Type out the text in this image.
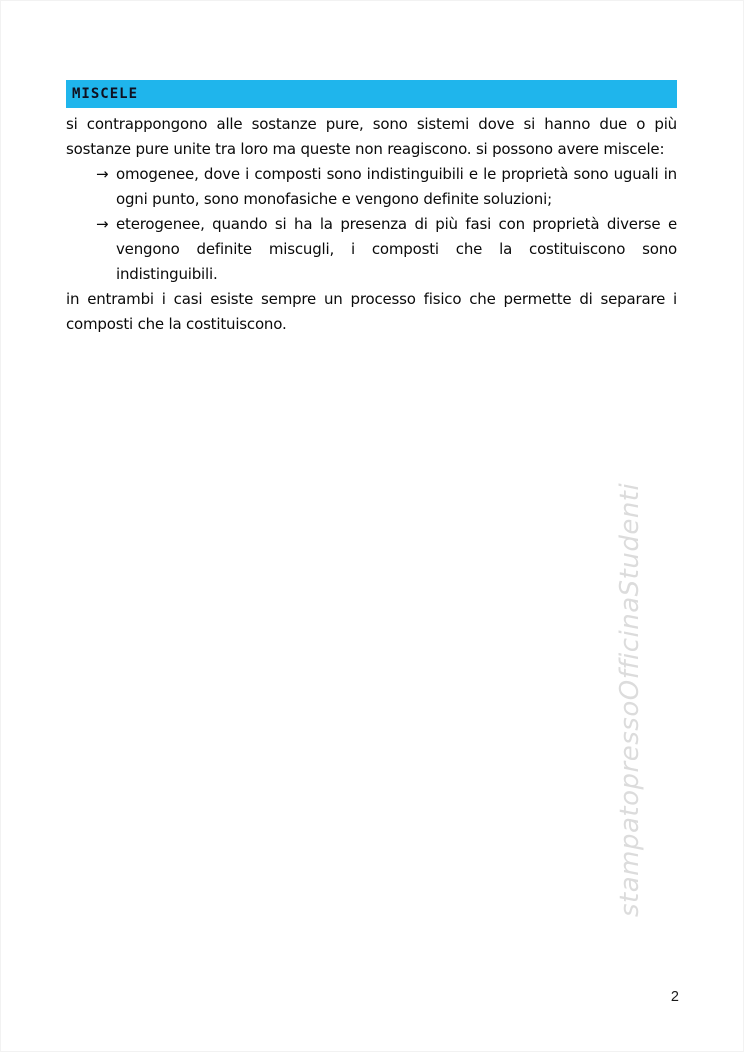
MISCELE

si contrappongono alle sostanze pure, sono sistemi dove si hanno due o più sostanze pure unite tra loro ma queste non reagiscono. si possono avere miscele:

→ omogenee, dove i composti sono indistinguibili e le proprietà sono uguali in ogni punto, sono monofasiche e vengono definite soluzioni;

→ eterogenee, quando si ha la presenza di più fasi con proprietà diverse e vengono definite miscugli, i composti che la costituiscono sono indistinguibili.

in entrambi i casi esiste sempre un processo fisico che permette di separare i composti che la costituiscono.

stampatopressoOfficinaStudenti
2
